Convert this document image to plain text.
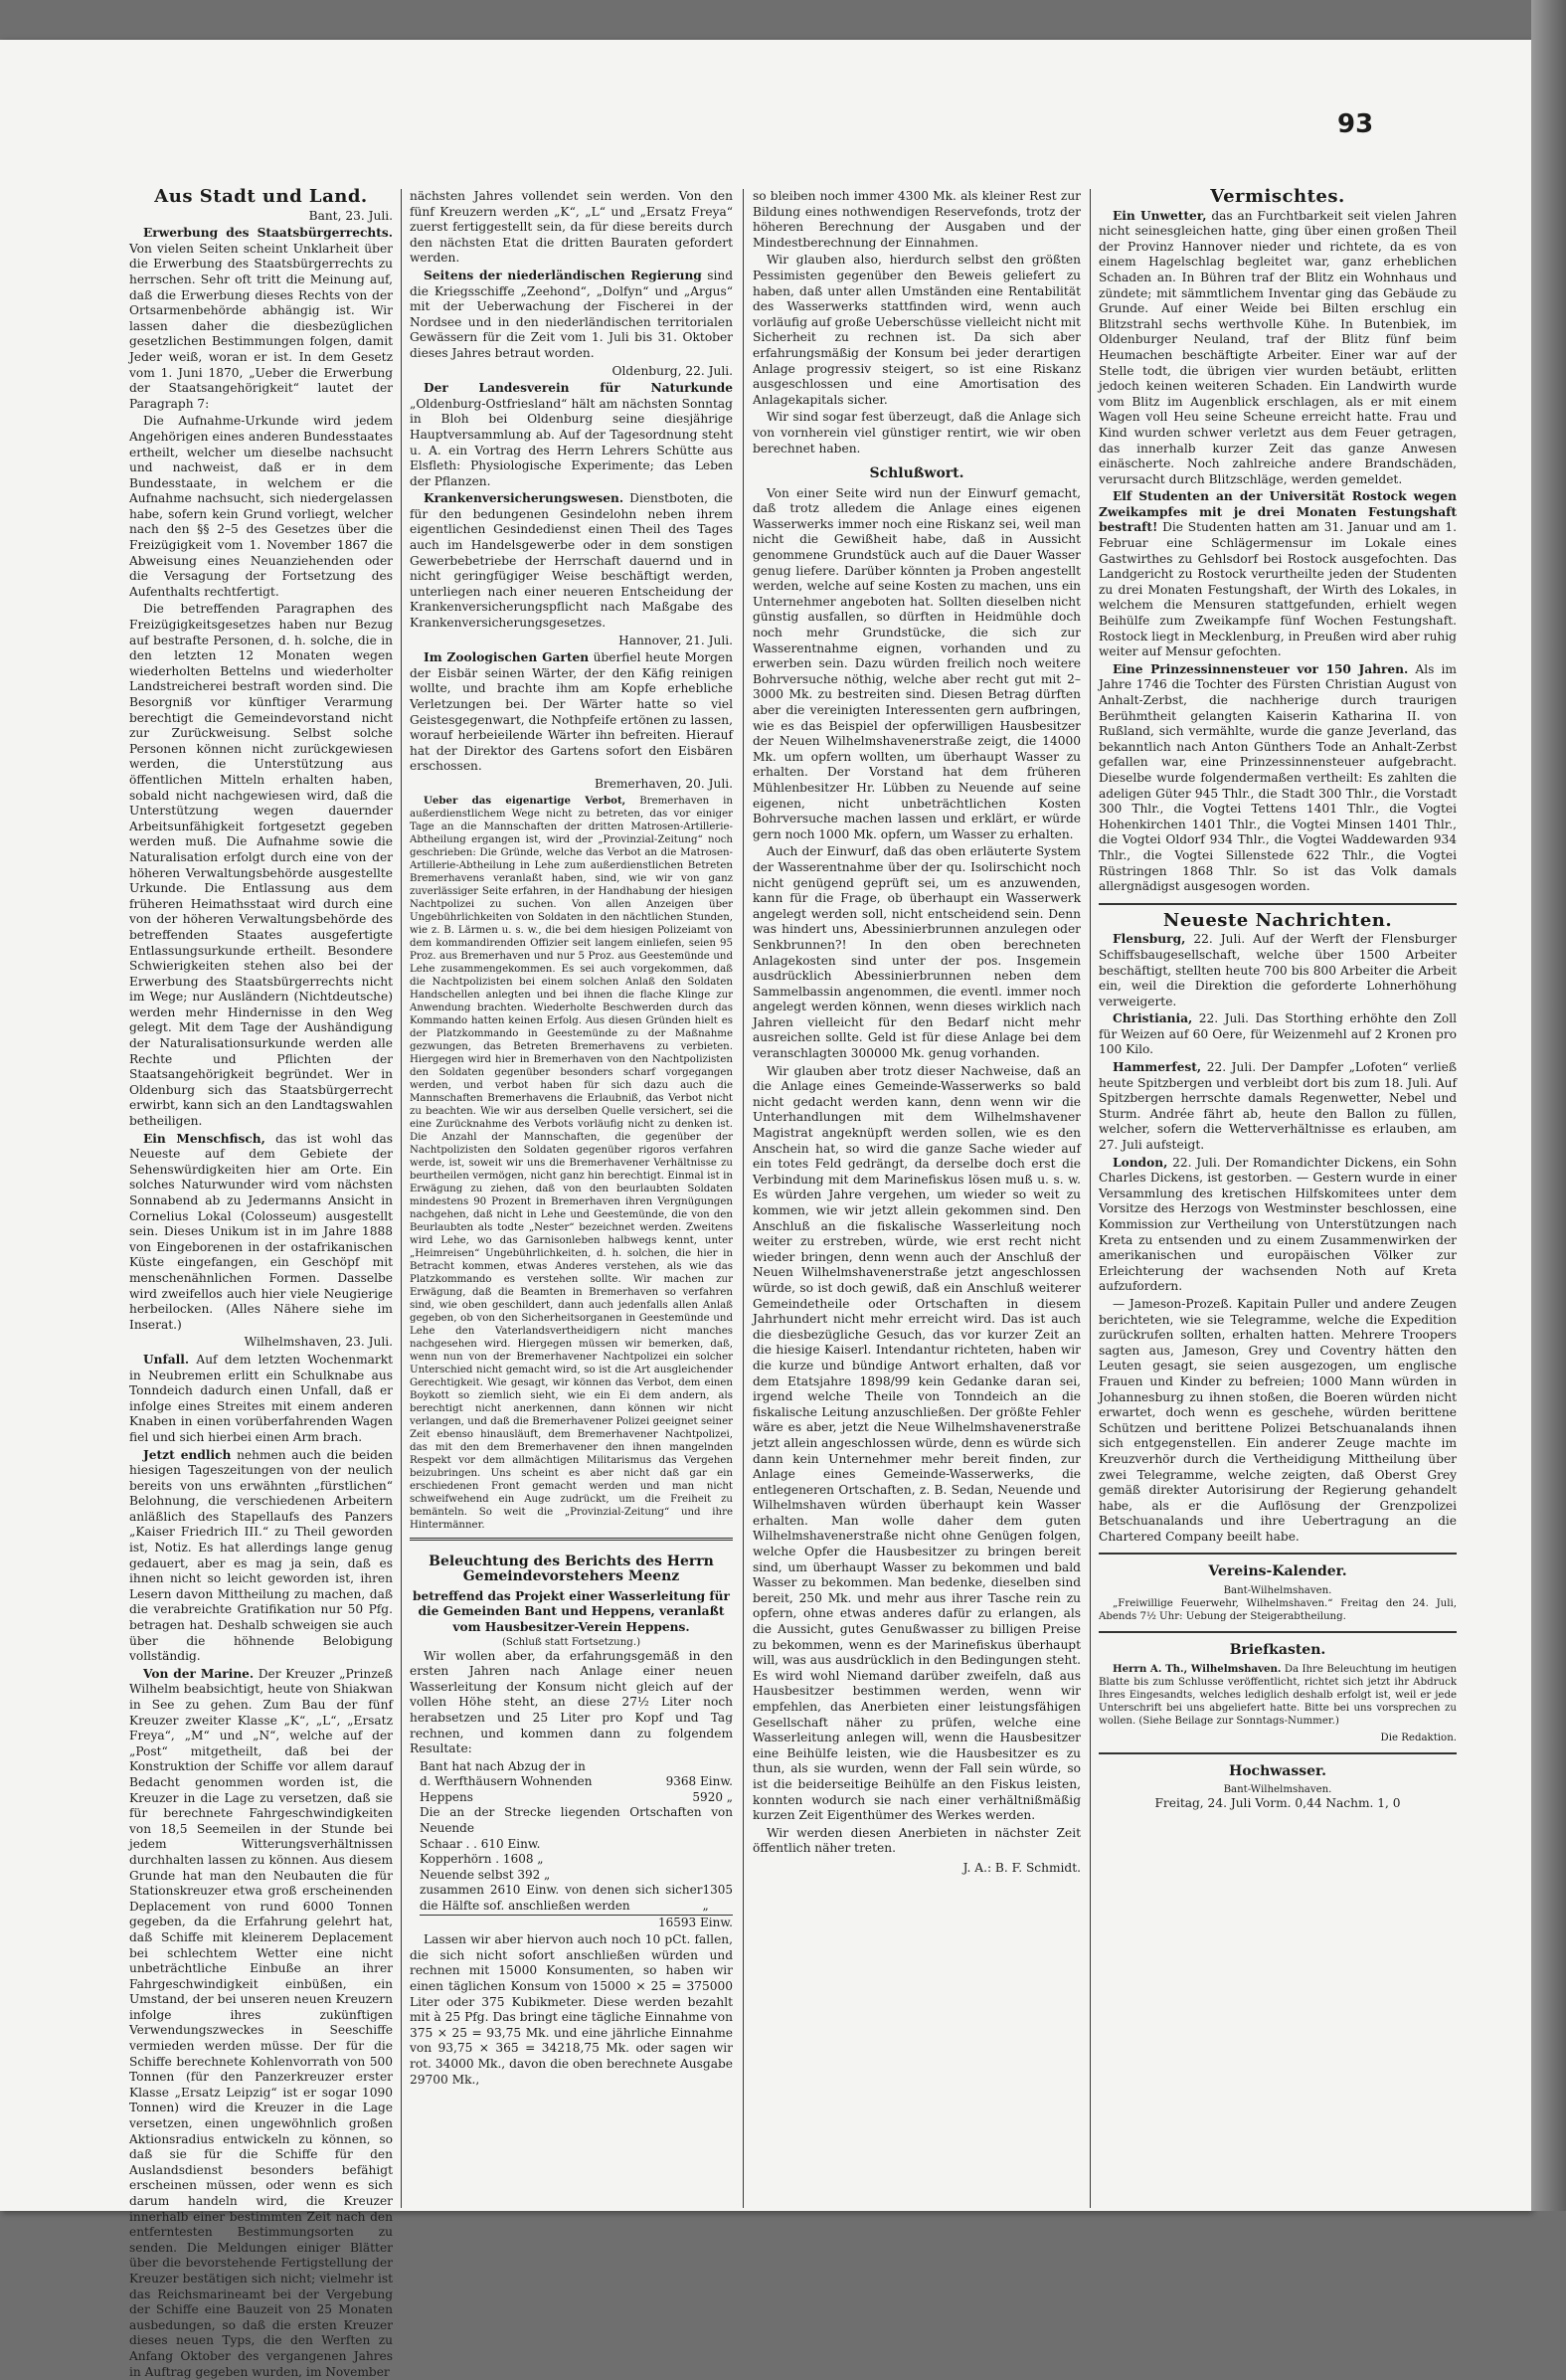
93
Aus Stadt und Land.
Bant, 23. Juli.

Erwerbung des Staatsbürgerrechts. Von vielen Seiten scheint Unklarheit über die Erwerbung des Staatsbürgerrechts zu herrschen. Sehr oft tritt die Meinung auf, daß die Erwerbung dieses Rechts von der Ortsarmenbehörde abhängig ist. Wir lassen daher die diesbezüglichen gesetzlichen Bestimmungen folgen, damit Jeder weiß, woran er ist. In dem Gesetz vom 1. Juni 1870, „Ueber die Erwerbung der Staatsangehörigkeit“ lautet der Paragraph 7:

Die Aufnahme-Urkunde wird jedem Angehörigen eines anderen Bundesstaates ertheilt, welcher um dieselbe nachsucht und nachweist, daß er in dem Bundesstaate, in welchem er die Aufnahme nachsucht, sich niedergelassen habe, sofern kein Grund vorliegt, welcher nach den §§ 2–5 des Gesetzes über die Freizügigkeit vom 1. November 1867 die Abweisung eines Neuanziehenden oder die Versagung der Fortsetzung des Aufenthalts rechtfertigt.

Die betreffenden Paragraphen des Freizügigkeitsgesetzes haben nur Bezug auf bestrafte Personen, d. h. solche, die in den letzten 12 Monaten wegen wiederholten Bettelns und wiederholter Landstreicherei bestraft worden sind. Die Besorgniß vor künftiger Verarmung berechtigt die Gemeindevorstand nicht zur Zurückweisung. Selbst solche Personen können nicht zurückgewiesen werden, die Unterstützung aus öffentlichen Mitteln erhalten haben, sobald nicht nachgewiesen wird, daß die Unterstützung wegen dauernder Arbeitsunfähigkeit fortgesetzt gegeben werden muß. Die Aufnahme sowie die Naturalisation erfolgt durch eine von der höheren Verwaltungsbehörde ausgestellte Urkunde. Die Entlassung aus dem früheren Heimathsstaat wird durch eine von der höheren Verwaltungsbehörde des betreffenden Staates ausgefertigte Entlassungsurkunde ertheilt. Besondere Schwierigkeiten stehen also bei der Erwerbung des Staatsbürgerrechts nicht im Wege; nur Ausländern (Nichtdeutsche) werden mehr Hindernisse in den Weg gelegt. Mit dem Tage der Aushändigung der Naturalisationsurkunde werden alle Rechte und Pflichten der Staatsangehörigkeit begründet. Wer in Oldenburg sich das Staatsbürgerrecht erwirbt, kann sich an den Landtagswahlen betheiligen.

Ein Menschfisch, das ist wohl das Neueste auf dem Gebiete der Sehenswürdigkeiten hier am Orte. Ein solches Naturwunder wird vom nächsten Sonnabend ab zu Jedermanns Ansicht in Cornelius Lokal (Colosseum) ausgestellt sein. Dieses Unikum ist in im Jahre 1888 von Eingeborenen in der ostafrikanischen Küste eingefangen, ein Geschöpf mit menschenähnlichen Formen. Dasselbe wird zweifellos auch hier viele Neugierige herbeilocken. (Alles Nähere siehe im Inserat.)

Wilhelmshaven, 23. Juli.

Unfall. Auf dem letzten Wochenmarkt in Neubremen erlitt ein Schulknabe aus Tonndeich dadurch einen Unfall, daß er infolge eines Streites mit einem anderen Knaben in einen vorüberfahrenden Wagen fiel und sich hierbei einen Arm brach.

Jetzt endlich nehmen auch die beiden hiesigen Tageszeitungen von der neulich bereits von uns erwähnten „fürstlichen“ Belohnung, die verschiedenen Arbeitern anläßlich des Stapellaufs des Panzers „Kaiser Friedrich III.“ zu Theil geworden ist, Notiz. Es hat allerdings lange genug gedauert, aber es mag ja sein, daß es ihnen nicht so leicht geworden ist, ihren Lesern davon Mittheilung zu machen, daß die verabreichte Gratifikation nur 50 Pfg. betragen hat. Deshalb schweigen sie auch über die höhnende Belobigung vollständig.

Von der Marine. Der Kreuzer „Prinzeß Wilhelm beabsichtigt, heute von Shiakwan in See zu gehen. Zum Bau der fünf Kreuzer zweiter Klasse „K“, „L“, „Ersatz Freya“, „M“ und „N“, welche auf der „Post“ mitgetheilt, daß bei der Konstruktion der Schiffe vor allem darauf Bedacht genommen worden ist, die Kreuzer in die Lage zu versetzen, daß sie für berechnete Fahrgeschwindigkeiten von 18,5 Seemeilen in der Stunde bei jedem Witterungsverhältnissen durchhalten lassen zu können. Aus diesem Grunde hat man den Neubauten die für Stationskreuzer etwa groß erscheinenden Deplacement von rund 6000 Tonnen gegeben, da die Erfahrung gelehrt hat, daß Schiffe mit kleinerem Deplacement bei schlechtem Wetter eine nicht unbeträchtliche Einbuße an ihrer Fahrgeschwindigkeit einbüßen, ein Umstand, der bei unseren neuen Kreuzern infolge ihres zukünftigen Verwendungszweckes in Seeschiffe vermieden werden müsse. Der für die Schiffe berechnete Kohlenvorrath von 500 Tonnen (für den Panzerkreuzer erster Klasse „Ersatz Leipzig“ ist er sogar 1090 Tonnen) wird die Kreuzer in die Lage versetzen, einen ungewöhnlich großen Aktionsradius entwickeln zu können, so daß sie für die Schiffe für den Auslandsdienst besonders befähigt erscheinen müssen, oder wenn es sich darum handeln wird, die Kreuzer innerhalb einer bestimmten Zeit nach den entferntesten Bestimmungsorten zu senden. Die Meldungen einiger Blätter über die bevorstehende Fertigstellung der Kreuzer bestätigen sich nicht; vielmehr ist das Reichsmarineamt bei der Vergebung der Schiffe eine Bauzeit von 25 Monaten ausbedungen, so daß die ersten Kreuzer dieses neuen Typs, die den Werften zu Anfang Oktober des vergangenen Jahres in Auftrag gegeben wurden, im November

nächsten Jahres vollendet sein werden. Von den fünf Kreuzern werden „K“, „L“ und „Ersatz Freya“ zuerst fertiggestellt sein, da für diese bereits durch den nächsten Etat die dritten Bauraten gefordert werden.

Seitens der niederländischen Regierung sind die Kriegsschiffe „Zeehond“, „Dolfyn“ und „Argus“ mit der Ueberwachung der Fischerei in der Nordsee und in den niederländischen territorialen Gewässern für die Zeit vom 1. Juli bis 31. Oktober dieses Jahres betraut worden.

Oldenburg, 22. Juli.

Der Landesverein für Naturkunde „Oldenburg-Ostfriesland“ hält am nächsten Sonntag in Bloh bei Oldenburg seine diesjährige Hauptversammlung ab. Auf der Tagesordnung steht u. A. ein Vortrag des Herrn Lehrers Schütte aus Elsfleth: Physiologische Experimente; das Leben der Pflanzen.

Krankenversicherungswesen. Dienstboten, die für den bedungenen Gesindelohn neben ihrem eigentlichen Gesindedienst einen Theil des Tages auch im Handelsgewerbe oder in dem sonstigen Gewerbebetriebe der Herrschaft dauernd und in nicht geringfügiger Weise beschäftigt werden, unterliegen nach einer neueren Entscheidung der Krankenversicherungspflicht nach Maßgabe des Krankenversicherungsgesetzes.

Hannover, 21. Juli.

Im Zoologischen Garten überfiel heute Morgen der Eisbär seinen Wärter, der den Käfig reinigen wollte, und brachte ihm am Kopfe erhebliche Verletzungen bei. Der Wärter hatte so viel Geistesgegenwart, die Nothpfeife ertönen zu lassen, worauf herbeieilende Wärter ihn befreiten. Hierauf hat der Direktor des Gartens sofort den Eisbären erschossen.

Bremerhaven, 20. Juli.

Ueber das eigenartige Verbot, Bremerhaven in außerdienstlichem Wege nicht zu betreten, das vor einiger Tage an die Mannschaften der dritten Matrosen-Artillerie-Abtheilung ergangen ist, wird der „Provinzial-Zeitung“ noch geschrieben: Die Gründe, welche das Verbot an die Matrosen-Artillerie-Abtheilung in Lehe zum außerdienstlichen Betreten Bremerhavens veranlaßt haben, sind, wie wir von ganz zuverlässiger Seite erfahren, in der Handhabung der hiesigen Nachtpolizei zu suchen. Von allen Anzeigen über Ungebührlichkeiten von Soldaten in den nächtlichen Stunden, wie z. B. Lärmen u. s. w., die bei dem hiesigen Polizeiamt von dem kommandirenden Offizier seit langem einliefen, seien 95 Proz. aus Bremerhaven und nur 5 Proz. aus Geestemünde und Lehe zusammengekommen. Es sei auch vorgekommen, daß die Nachtpolizisten bei einem solchen Anlaß den Soldaten Handschellen anlegten und bei ihnen die flache Klinge zur Anwendung brachten. Wiederholte Beschwerden durch das Kommando hatten keinen Erfolg. Aus diesen Gründen hielt es der Platzkommando in Geestemünde zu der Maßnahme gezwungen, das Betreten Bremerhavens zu verbieten. Hiergegen wird hier in Bremerhaven von den Nachtpolizisten den Soldaten gegenüber besonders scharf vorgegangen werden, und verbot haben für sich dazu auch die Mannschaften Bremerhavens die Erlaubniß, das Verbot nicht zu beachten. Wie wir aus derselben Quelle versichert, sei die eine Zurücknahme des Verbots vorläufig nicht zu denken ist. Die Anzahl der Mannschaften, die gegenüber der Nachtpolizisten den Soldaten gegenüber rigoros verfahren werde, ist, soweit wir uns die Bremerhavener Verhältnisse zu beurtheilen vermögen, nicht ganz hin berechtigt. Einmal ist in Erwägung zu ziehen, daß von den beurlaubten Soldaten mindestens 90 Prozent in Bremerhaven ihren Vergnügungen nachgehen, daß nicht in Lehe und Geestemünde, die von den Beurlaubten als todte „Nester“ bezeichnet werden. Zweitens wird Lehe, wo das Garnisonleben halbwegs kennt, unter „Heimreisen“ Ungebührlichkeiten, d. h. solchen, die hier in Betracht kommen, etwas Anderes verstehen, als wie das Platzkommando es verstehen sollte. Wir machen zur Erwägung, daß die Beamten in Bremerhaven so verfahren sind, wie oben geschildert, dann auch jedenfalls allen Anlaß gegeben, ob von den Sicherheitsorganen in Geestemünde und Lehe den Vaterlandsvertheidigern nicht manches nachgesehen wird. Hiergegen müssen wir bemerken, daß, wenn nun von der Bremerhavener Nachtpolizei ein solcher Unterschied nicht gemacht wird, so ist die Art ausgleichender Gerechtigkeit. Wie gesagt, wir können das Verbot, dem einen Boykott so ziemlich sieht, wie ein Ei dem andern, als berechtigt nicht anerkennen, dann können wir nicht verlangen, und daß die Bremerhavener Polizei geeignet seiner Zeit ebenso hinausläuft, dem Bremerhavener Nachtpolizei, das mit den dem Bremerhavener den ihnen mangelnden Respekt vor dem allmächtigen Militarismus das Vergehen beizubringen. Uns scheint es aber nicht daß gar ein erschiedenen Front gemacht werden und man nicht schweifwehend ein Auge zudrückt, um die Freiheit zu bemänteln. So weit die „Provinzial-Zeitung“ und ihre Hintermänner.

Beleuchtung des Berichts des Herrn Gemeindevorstehers Meenz
betreffend das Projekt einer Wasserleitung für die Gemeinden Bant und Heppens, veranlaßt vom Hausbesitzer-Verein Heppens.
(Schluß statt Fortsetzung.)

Wir wollen aber, da erfahrungsgemäß in den ersten Jahren nach Anlage einer neuen Wasserleitung der Konsum nicht gleich auf der vollen Höhe steht, an diese 27½ Liter noch herabsetzen und 25 Liter pro Kopf und Tag rechnen, und kommen dann zu folgendem Resultate:

Bant hat nach Abzug der in
d. Werfthäusern Wohnenden	9368 Einw.
Heppens	5920 „
Die an der Strecke liegenden Ortschaften von Neuende
Schaar . . 610 Einw.
Kopperhörn . 1608 „
Neuende selbst 392 „
zusammen 2610 Einw. von denen sich sicher die Hälfte sof. anschließen werden
1305 „
16593 Einw.

Lassen wir aber hiervon auch noch 10 pCt. fallen, die sich nicht sofort anschließen würden und rechnen mit 15000 Konsumenten, so haben wir einen täglichen Konsum von 15000 × 25 = 375000 Liter oder 375 Kubikmeter. Diese werden bezahlt mit à 25 Pfg. Das bringt eine tägliche Einnahme von 375 × 25 = 93,75 Mk. und eine jährliche Einnahme von 93,75 × 365 = 34218,75 Mk. oder sagen wir rot. 34000 Mk., davon die oben berechnete Ausgabe 29700 Mk.,

so bleiben noch immer 4300 Mk. als kleiner Rest zur Bildung eines nothwendigen Reservefonds, trotz der höheren Berechnung der Ausgaben und der Mindestberechnung der Einnahmen.

Wir glauben also, hierdurch selbst den größten Pessimisten gegenüber den Beweis geliefert zu haben, daß unter allen Umständen eine Rentabilität des Wasserwerks stattfinden wird, wenn auch vorläufig auf große Ueberschüsse vielleicht nicht mit Sicherheit zu rechnen ist. Da sich aber erfahrungsmäßig der Konsum bei jeder derartigen Anlage progressiv steigert, so ist eine Riskanz ausgeschlossen und eine Amortisation des Anlagekapitals sicher.

Wir sind sogar fest überzeugt, daß die Anlage sich von vornherein viel günstiger rentirt, wie wir oben berechnet haben.

Schlußwort.

Von einer Seite wird nun der Einwurf gemacht, daß trotz alledem die Anlage eines eigenen Wasserwerks immer noch eine Riskanz sei, weil man nicht die Gewißheit habe, daß in Aussicht genommene Grundstück auch auf die Dauer Wasser genug liefere. Darüber könnten ja Proben angestellt werden, welche auf seine Kosten zu machen, uns ein Unternehmer angeboten hat. Sollten dieselben nicht günstig ausfallen, so dürften in Heidmühle doch noch mehr Grundstücke, die sich zur Wasserentnahme eignen, vorhanden und zu erwerben sein. Dazu würden freilich noch weitere Bohrversuche nöthig, welche aber recht gut mit 2–3000 Mk. zu bestreiten sind. Diesen Betrag dürften aber die vereinigten Interessenten gern aufbringen, wie es das Beispiel der opferwilligen Hausbesitzer der Neuen Wilhelmshavenerstraße zeigt, die 14000 Mk. um opfern wollten, um überhaupt Wasser zu erhalten. Der Vorstand hat dem früheren Mühlenbesitzer Hr. Lübben zu Neuende auf seine eigenen, nicht unbeträchtlichen Kosten Bohrversuche machen lassen und erklärt, er würde gern noch 1000 Mk. opfern, um Wasser zu erhalten.

Auch der Einwurf, daß das oben erläuterte System der Wasserentnahme über der qu. Isolirschicht noch nicht genügend geprüft sei, um es anzuwenden, kann für die Frage, ob überhaupt ein Wasserwerk angelegt werden soll, nicht entscheidend sein. Denn was hindert uns, Abessinierbrunnen anzulegen oder Senkbrunnen?! In den oben berechneten Anlagekosten sind unter der pos. Insgemein ausdrücklich Abessinierbrunnen neben dem Sammelbassin angenommen, die eventl. immer noch angelegt werden können, wenn dieses wirklich nach Jahren vielleicht für den Bedarf nicht mehr ausreichen sollte. Geld ist für diese Anlage bei dem veranschlagten 300000 Mk. genug vorhanden.

Wir glauben aber trotz dieser Nachweise, daß an die Anlage eines Gemeinde-Wasserwerks so bald nicht gedacht werden kann, denn wenn wir die Unterhandlungen mit dem Wilhelmshavener Magistrat angeknüpft werden sollen, wie es den Anschein hat, so wird die ganze Sache wieder auf ein totes Feld gedrängt, da derselbe doch erst die Verbindung mit dem Marinefiskus lösen muß u. s. w. Es würden Jahre vergehen, um wieder so weit zu kommen, wie wir jetzt allein gekommen sind. Den Anschluß an die fiskalische Wasserleitung noch weiter zu erstreben, würde, wie erst recht nicht wieder bringen, denn wenn auch der Anschluß der Neuen Wilhelmshavenerstraße jetzt angeschlossen würde, so ist doch gewiß, daß ein Anschluß weiterer Gemeindetheile oder Ortschaften in diesem Jahrhundert nicht mehr erreicht wird. Das ist auch die diesbezügliche Gesuch, das vor kurzer Zeit an die hiesige Kaiserl. Intendantur richteten, haben wir die kurze und bündige Antwort erhalten, daß vor dem Etatsjahre 1898/99 kein Gedanke daran sei, irgend welche Theile von Tonndeich an die fiskalische Leitung anzuschließen. Der größte Fehler wäre es aber, jetzt die Neue Wilhelmshavenerstraße jetzt allein angeschlossen würde, denn es würde sich dann kein Unternehmer mehr bereit finden, zur Anlage eines Gemeinde-Wasserwerks, die entlegeneren Ortschaften, z. B. Sedan, Neuende und Wilhelmshaven würden überhaupt kein Wasser erhalten. Man wolle daher dem guten Wilhelmshavenerstraße nicht ohne Genügen folgen, welche Opfer die Hausbesitzer zu bringen bereit sind, um überhaupt Wasser zu bekommen und bald Wasser zu bekommen. Man bedenke, dieselben sind bereit, 250 Mk. und mehr aus ihrer Tasche rein zu opfern, ohne etwas anderes dafür zu erlangen, als die Aussicht, gutes Genußwasser zu billigen Preise zu bekommen, wenn es der Marinefiskus überhaupt will, was aus ausdrücklich in den Bedingungen steht. Es wird wohl Niemand darüber zweifeln, daß aus Hausbesitzer bestimmen werden, wenn wir empfehlen, das Anerbieten einer leistungsfähigen Gesellschaft näher zu prüfen, welche eine Wasserleitung anlegen will, wenn die Hausbesitzer eine Beihülfe leisten, wie die Hausbesitzer es zu thun, als sie wurden, wenn der Fall sein würde, so ist die beiderseitige Beihülfe an den Fiskus leisten, konnten wodurch sie nach einer verhältnißmäßig kurzen Zeit Eigenthümer des Werkes werden.

Wir werden diesen Anerbieten in nächster Zeit öffentlich näher treten.

J. A.: B. F. Schmidt.
Vermischtes.

Ein Unwetter, das an Furchtbarkeit seit vielen Jahren nicht seinesgleichen hatte, ging über einen großen Theil der Provinz Hannover nieder und richtete, da es von einem Hagelschlag begleitet war, ganz erheblichen Schaden an. In Bühren traf der Blitz ein Wohnhaus und zündete; mit sämmtlichem Inventar ging das Gebäude zu Grunde. Auf einer Weide bei Bilten erschlug ein Blitzstrahl sechs werthvolle Kühe. In Butenbiek, im Oldenburger Neuland, traf der Blitz fünf beim Heumachen beschäftigte Arbeiter. Einer war auf der Stelle todt, die übrigen vier wurden betäubt, erlitten jedoch keinen weiteren Schaden. Ein Landwirth wurde vom Blitz im Augenblick erschlagen, als er mit einem Wagen voll Heu seine Scheune erreicht hatte. Frau und Kind wurden schwer verletzt aus dem Feuer getragen, das innerhalb kurzer Zeit das ganze Anwesen einäscherte. Noch zahlreiche andere Brandschäden, verursacht durch Blitzschläge, werden gemeldet.

Elf Studenten an der Universität Rostock wegen Zweikampfes mit je drei Monaten Festungshaft bestraft! Die Studenten hatten am 31. Januar und am 1. Februar eine Schlägermensur im Lokale eines Gastwirthes zu Gehlsdorf bei Rostock ausgefochten. Das Landgericht zu Rostock verurtheilte jeden der Studenten zu drei Monaten Festungshaft, der Wirth des Lokales, in welchem die Mensuren stattgefunden, erhielt wegen Beihülfe zum Zweikampfe fünf Wochen Festungshaft. Rostock liegt in Mecklenburg, in Preußen wird aber ruhig weiter auf Mensur gefochten.

Eine Prinzessinnensteuer vor 150 Jahren. Als im Jahre 1746 die Tochter des Fürsten Christian August von Anhalt-Zerbst, die nachherige durch traurigen Berühmtheit gelangten Kaiserin Katharina II. von Rußland, sich vermählte, wurde die ganze Jeverland, das bekanntlich nach Anton Günthers Tode an Anhalt-Zerbst gefallen war, eine Prinzessinnensteuer aufgebracht. Dieselbe wurde folgendermaßen vertheilt: Es zahlten die adeligen Güter 945 Thlr., die Stadt 300 Thlr., die Vorstadt 300 Thlr., die Vogtei Tettens 1401 Thlr., die Vogtei Hohenkirchen 1401 Thlr., die Vogtei Minsen 1401 Thlr., die Vogtei Oldorf 934 Thlr., die Vogtei Waddewarden 934 Thlr., die Vogtei Sillenstede 622 Thlr., die Vogtei Rüstringen 1868 Thlr. So ist das Volk damals allergnädigst ausgesogen worden.

Neueste Nachrichten.

Flensburg, 22. Juli. Auf der Werft der Flensburger Schiffsbaugesellschaft, welche über 1500 Arbeiter beschäftigt, stellten heute 700 bis 800 Arbeiter die Arbeit ein, weil die Direktion die geforderte Lohnerhöhung verweigerte.

Christiania, 22. Juli. Das Storthing erhöhte den Zoll für Weizen auf 60 Oere, für Weizenmehl auf 2 Kronen pro 100 Kilo.

Hammerfest, 22. Juli. Der Dampfer „Lofoten“ verließ heute Spitzbergen und verbleibt dort bis zum 18. Juli. Auf Spitzbergen herrschte damals Regenwetter, Nebel und Sturm. Andrée fährt ab, heute den Ballon zu füllen, welcher, sofern die Wetterverhältnisse es erlauben, am 27. Juli aufsteigt.

London, 22. Juli. Der Romandichter Dickens, ein Sohn Charles Dickens, ist gestorben. — Gestern wurde in einer Versammlung des kretischen Hilfskomitees unter dem Vorsitze des Herzogs von Westminster beschlossen, eine Kommission zur Vertheilung von Unterstützungen nach Kreta zu entsenden und zu einem Zusammenwirken der amerikanischen und europäischen Völker zur Erleichterung der wachsenden Noth auf Kreta aufzufordern.

— Jameson-Prozeß. Kapitain Puller und andere Zeugen berichteten, wie sie Telegramme, welche die Expedition zurückrufen sollten, erhalten hatten. Mehrere Troopers sagten aus, Jameson, Grey und Coventry hätten den Leuten gesagt, sie seien ausgezogen, um englische Frauen und Kinder zu befreien; 1000 Mann würden in Johannesburg zu ihnen stoßen, die Boeren würden nicht erwartet, doch wenn es geschehe, würden berittene Schützen und berittene Polizei Betschuanalands ihnen sich entgegenstellen. Ein anderer Zeuge machte im Kreuzverhör durch die Vertheidigung Mittheilung über zwei Telegramme, welche zeigten, daß Oberst Grey gemäß direkter Autorisirung der Regierung gehandelt habe, als er die Auflösung der Grenzpolizei Betschuanalands und ihre Uebertragung an die Chartered Company beeilt habe.

Vereins-Kalender.
Bant-Wilhelmshaven.

„Freiwillige Feuerwehr, Wilhelmshaven.“ Freitag den 24. Juli, Abends 7½ Uhr: Uebung der Steigerabtheilung.

Briefkasten.

Herrn A. Th., Wilhelmshaven. Da Ihre Beleuchtung im heutigen Blatte bis zum Schlusse veröffentlicht, richtet sich jetzt ihr Abdruck Ihres Eingesandts, welches lediglich deshalb erfolgt ist, weil er jede Unterschrift bei uns abgeliefert hatte. Bitte bei uns vorsprechen zu wollen. (Siehe Beilage zur Sonntags-Nummer.)

Die Redaktion.
Hochwasser.
Bant-Wilhelmshaven.
Freitag, 24. Juli Vorm. 0,44 Nachm. 1, 0
